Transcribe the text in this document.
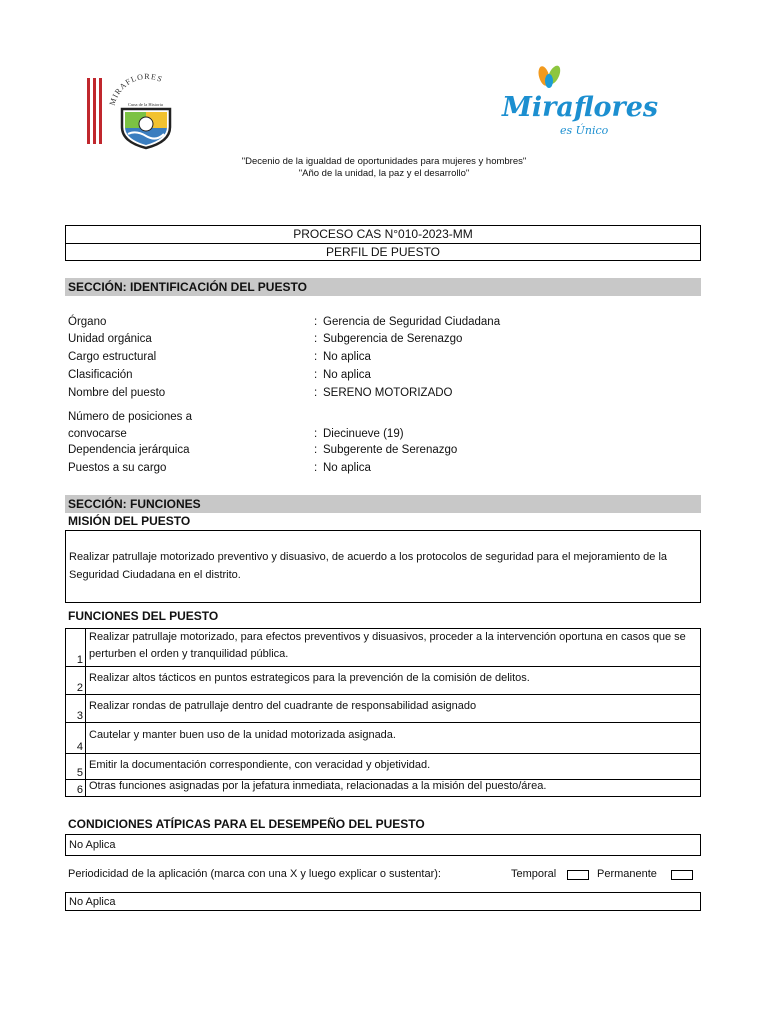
MIRAFLORES
Cuna de la Historia	Miraflores
es Único
"Decenio de la igualdad de oportunidades para mujeres y hombres"
"Año de la unidad, la paz y el desarrollo"
PROCESO CAS N°010-2023-MM
PERFIL DE PUESTO
SECCIÓN: IDENTIFICACIÓN DEL PUESTO
Órgano	: Gerencia de Seguridad Ciudadana
Unidad orgánica	: Subgerencia de Serenazgo
Cargo estructural	: No aplica
Clasificación	: No aplica
Nombre del puesto	: SERENO MOTORIZADO
Número de posiciones a
convocarse	: Diecinueve (19)
Dependencia jerárquica	: Subgerente de Serenazgo
Puestos a su cargo	: No aplica
SECCIÓN: FUNCIONES
MISIÓN DEL PUESTO
Realizar patrullaje motorizado preventivo y disuasivo, de acuerdo a los protocolos de seguridad para el mejoramiento de la Seguridad Ciudadana en el distrito.
FUNCIONES DEL PUESTO
1	Realizar patrullaje motorizado, para efectos preventivos y disuasivos, proceder a la intervención oportuna en casos que se perturben el orden y tranquilidad pública.
2	Realizar altos tácticos en puntos estrategicos para la prevención de la comisión de delitos.
3	Realizar rondas de patrullaje dentro del cuadrante de responsabilidad asignado
4	Cautelar y manter buen uso de la unidad motorizada asignada.
5	Emitir la documentación correspondiente, con veracidad y objetividad.
6	Otras funciones asignadas por la jefatura inmediata, relacionadas a la misión del puesto/área.
CONDICIONES ATÍPICAS PARA EL DESEMPEÑO DEL PUESTO
No Aplica
Periodicidad de la aplicación (marca con una X y luego explicar o sustentar):	Temporal	Permanente
No Aplica
